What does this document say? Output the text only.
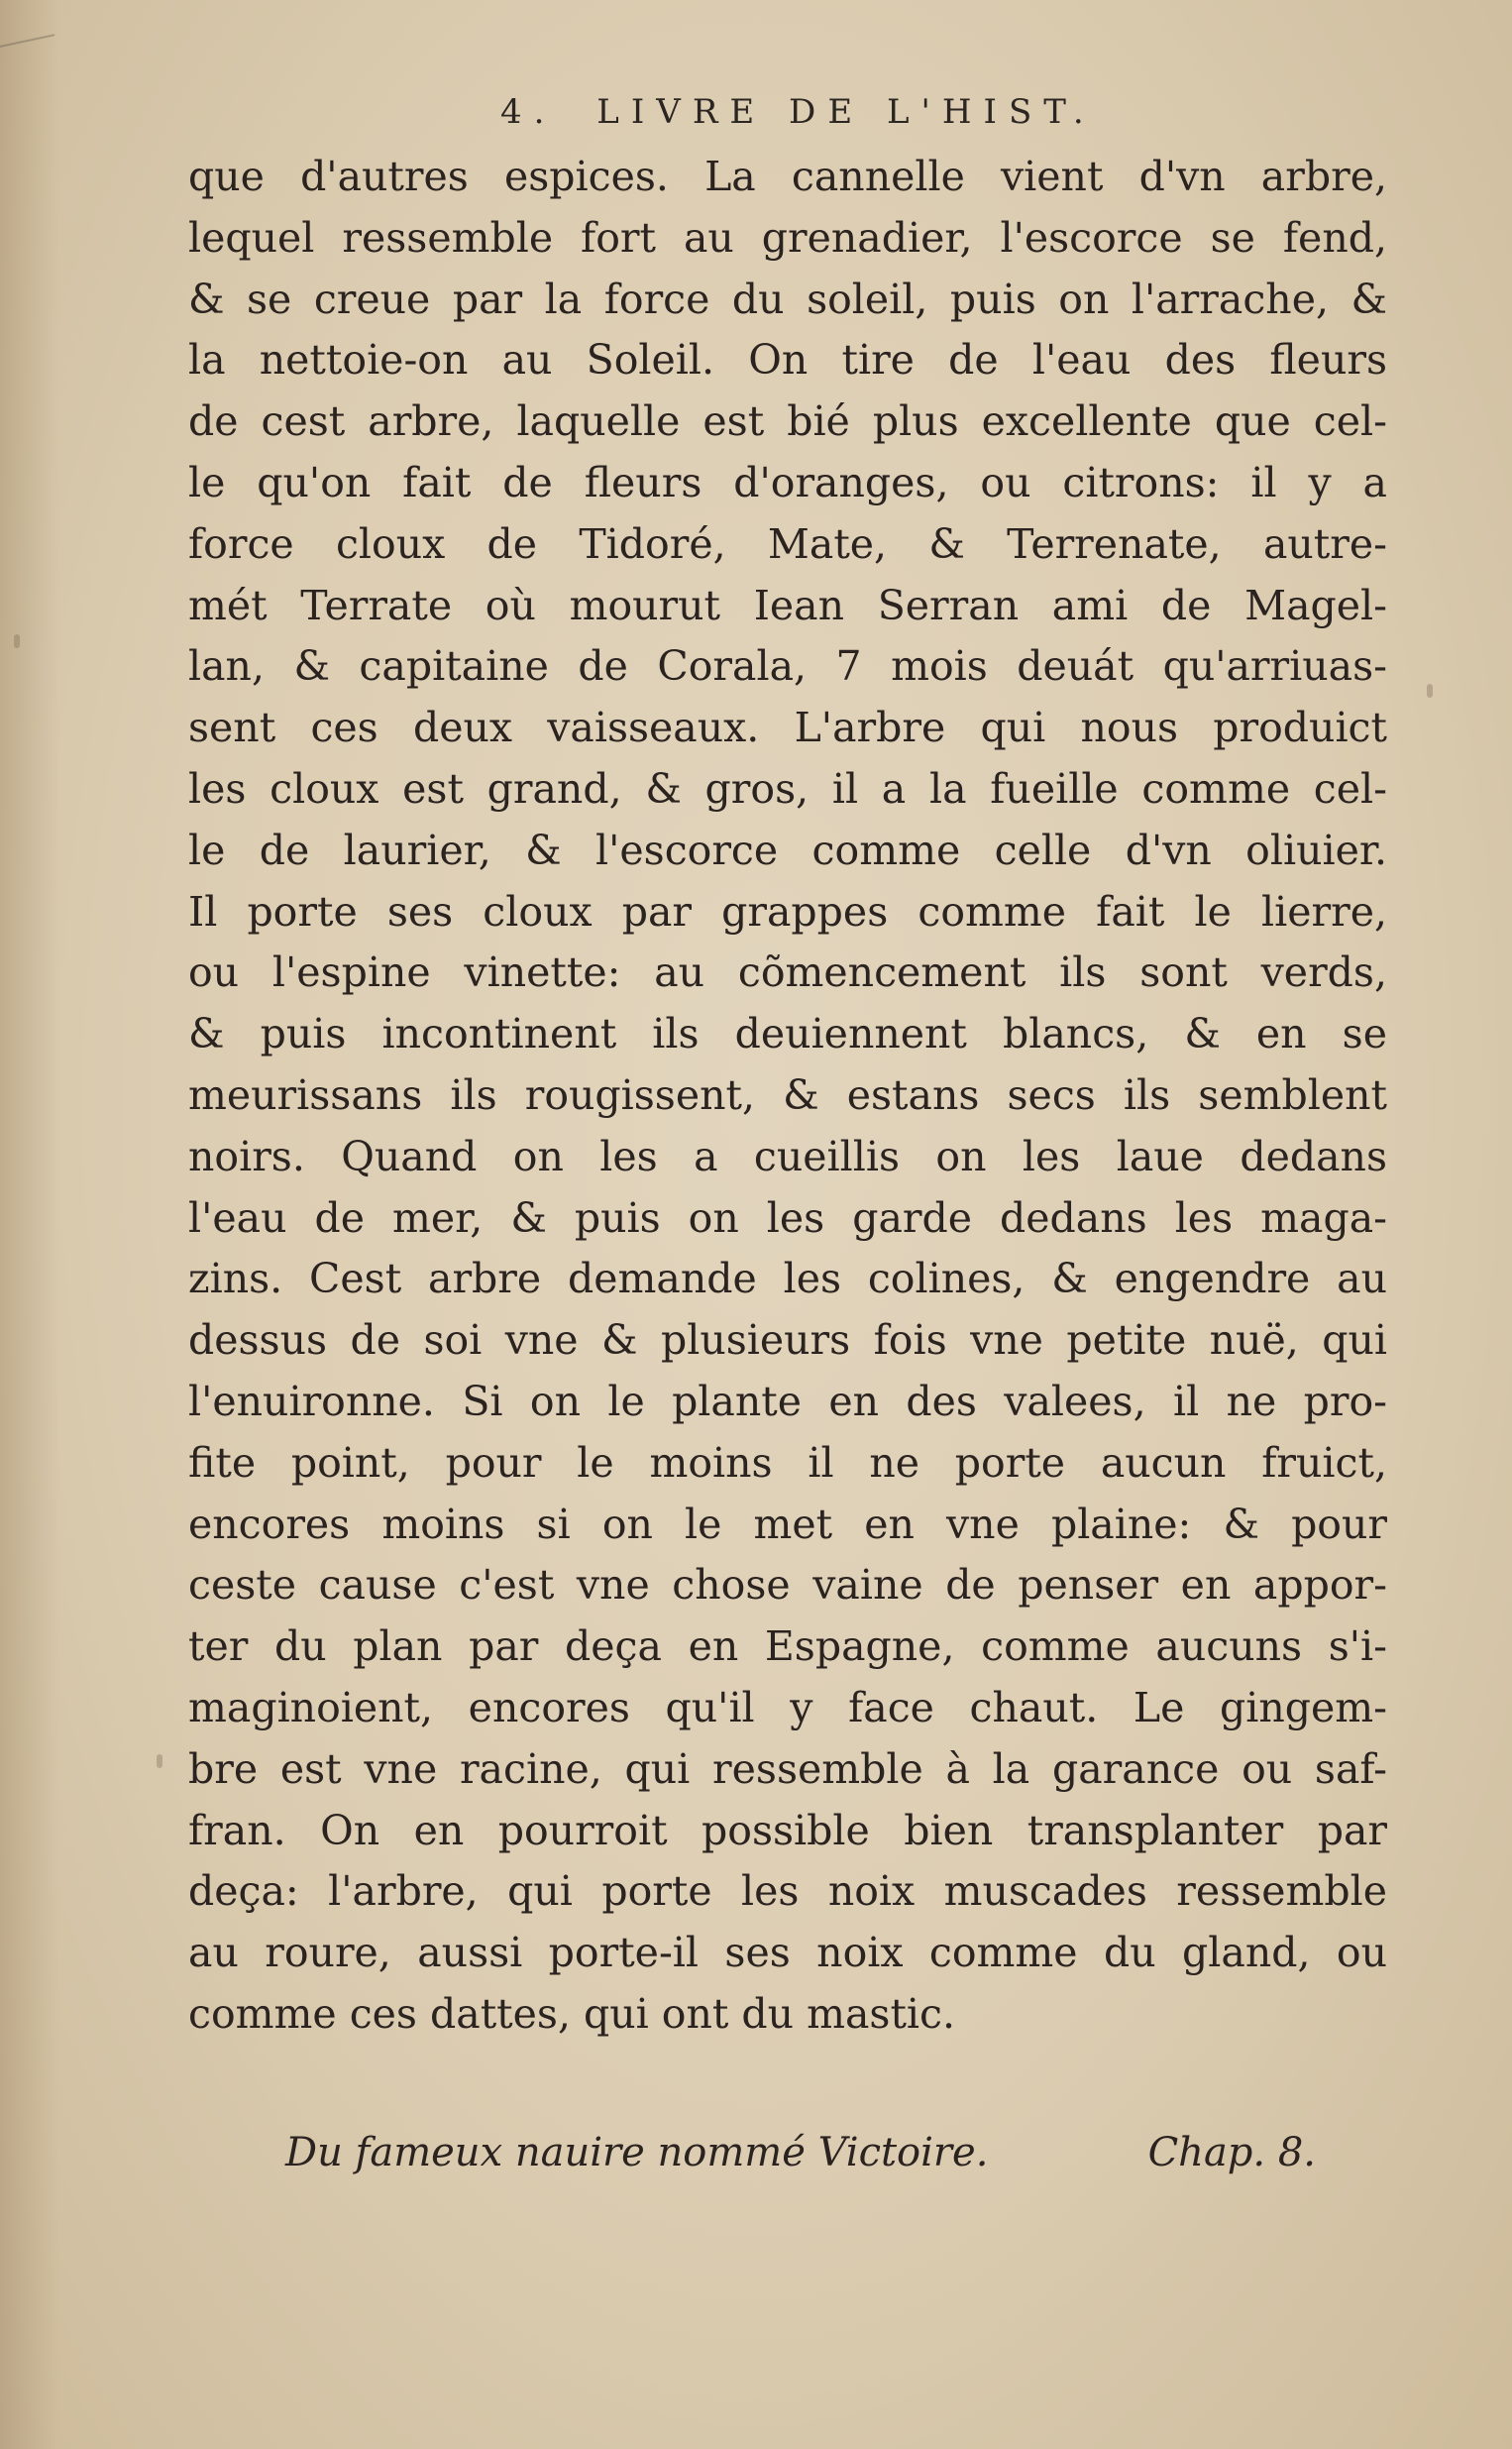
4. LIVRE DE L'HIST.
que d'autres espices. La cannelle vient d'vn arbre,
lequel ressemble fort au grenadier, l'escorce se fend,
& se creue par la force du soleil, puis on l'arrache, &
la nettoie-on au Soleil. On tire de l'eau des fleurs
de cest arbre, laquelle est bié plus excellente que cel-
le qu'on fait de fleurs d'oranges, ou citrons: il y a
force cloux de Tidoré, Mate, & Terrenate, autre-
mét Terrate où mourut Iean Serran ami de Magel-
lan, & capitaine de Corala, 7 mois deuát qu'arriuas-
sent ces deux vaisseaux. L'arbre qui nous produict
les cloux est grand, & gros, il a la fueille comme cel-
le de laurier, & l'escorce comme celle d'vn oliuier.
Il porte ses cloux par grappes comme fait le lierre,
ou l'espine vinette: au cõmencement ils sont verds,
& puis incontinent ils deuiennent blancs, & en se
meurissans ils rougissent, & estans secs ils semblent
noirs. Quand on les a cueillis on les laue dedans
l'eau de mer, & puis on les garde dedans les maga-
zins. Cest arbre demande les colines, & engendre au
dessus de soi vne & plusieurs fois vne petite nuë, qui
l'enuironne. Si on le plante en des valees, il ne pro-
fite point, pour le moins il ne porte aucun fruict,
encores moins si on le met en vne plaine: & pour
ceste cause c'est vne chose vaine de penser en appor-
ter du plan par deça en Espagne, comme aucuns s'i-
maginoient, encores qu'il y face chaut. Le gingem-
bre est vne racine, qui ressemble à la garance ou saf-
fran. On en pourroit possible bien transplanter par
deça: l'arbre, qui porte les noix muscades ressemble
au roure, aussi porte-il ses noix comme du gland, ou
comme ces dattes, qui ont du mastic.
Du fameux nauire nommé Victoire.	Chap. 8.
